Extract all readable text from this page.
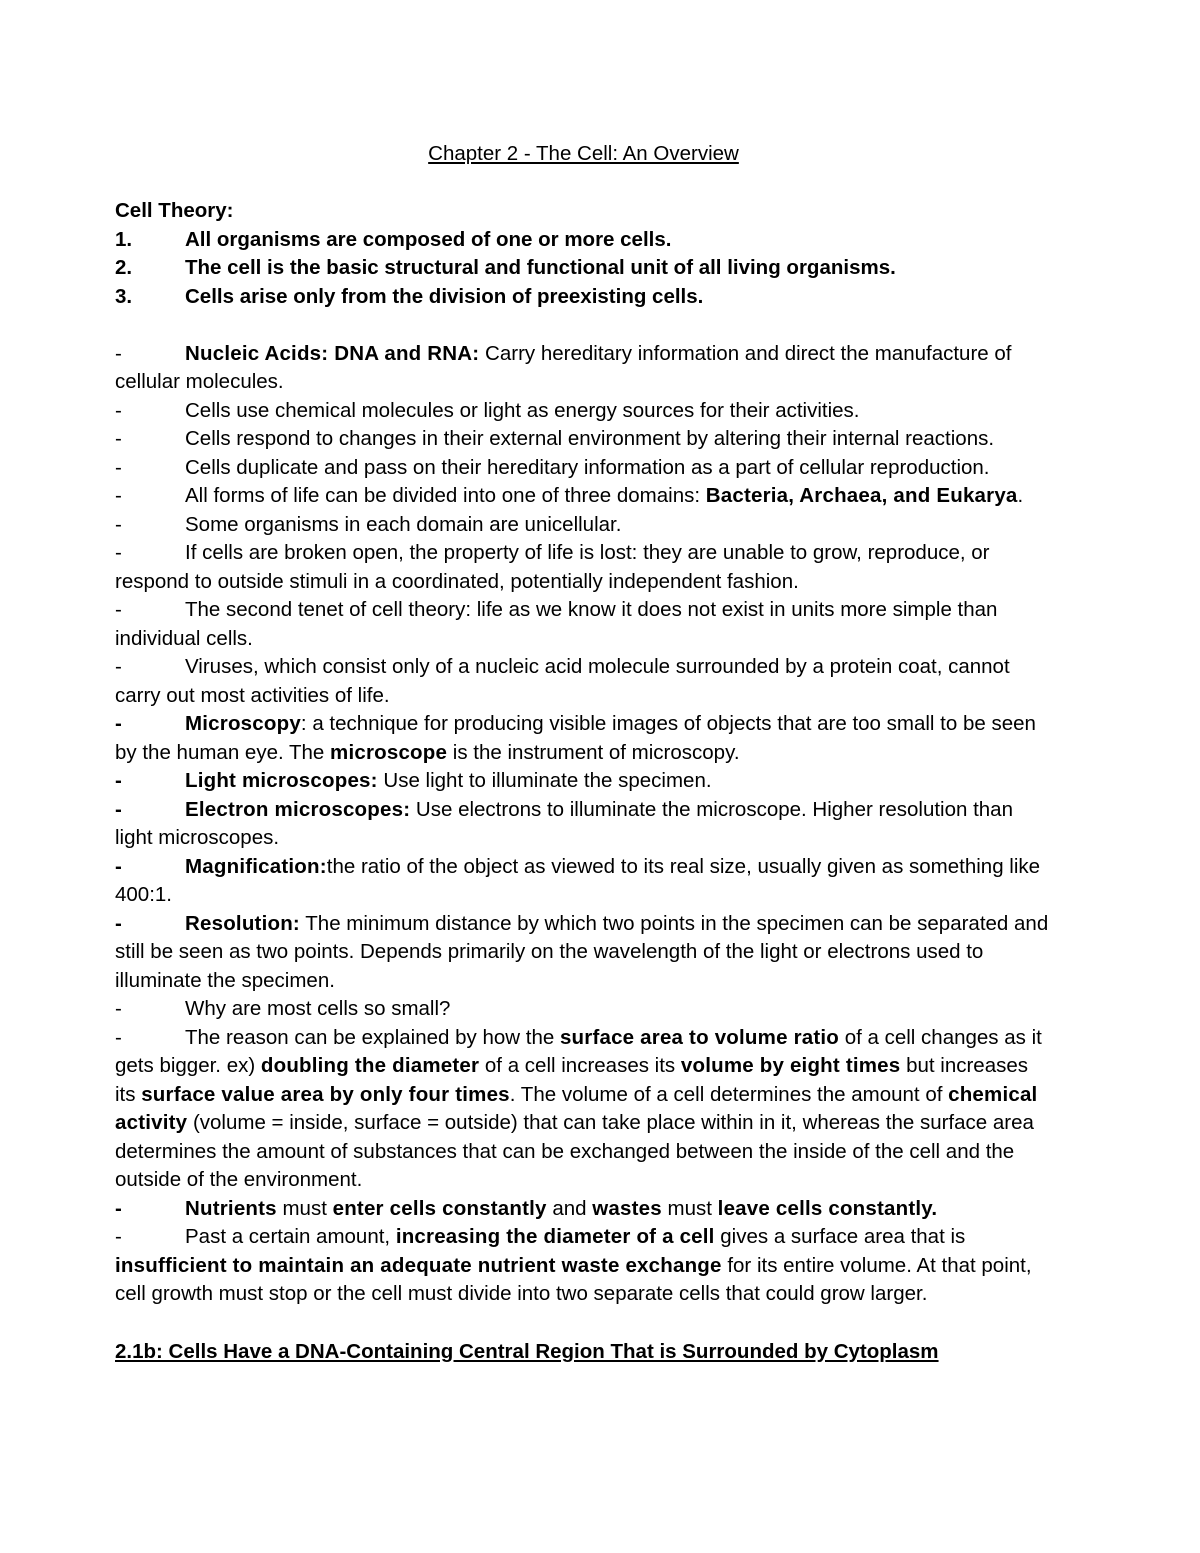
Chapter 2 - The Cell: An Overview
Cell Theory:
1.	All organisms are composed of one or more cells.
2.	The cell is the basic structural and functional unit of all living organisms.
3.	Cells arise only from the division of preexisting cells.
-	Nucleic Acids: DNA and RNA: Carry hereditary information and direct the manufacture of cellular molecules.
-	Cells use chemical molecules or light as energy sources for their activities.
-	Cells respond to changes in their external environment by altering their internal reactions.
-	Cells duplicate and pass on their hereditary information as a part of cellular reproduction.
-	All forms of life can be divided into one of three domains: Bacteria, Archaea, and Eukarya.
-	Some organisms in each domain are unicellular.
-	If cells are broken open, the property of life is lost: they are unable to grow, reproduce, or respond to outside stimuli in a coordinated, potentially independent fashion.
-	The second tenet of cell theory: life as we know it does not exist in units more simple than individual cells.
-	Viruses, which consist only of a nucleic acid molecule surrounded by a protein coat, cannot carry out most activities of life.
-	Microscopy: a technique for producing visible images of objects that are too small to be seen by the human eye. The microscope is the instrument of microscopy.
-	Light microscopes: Use light to illuminate the specimen.
-	Electron microscopes: Use electrons to illuminate the microscope. Higher resolution than light microscopes.
-	Magnification:the ratio of the object as viewed to its real size, usually given as something like 400:1.
-	Resolution: The minimum distance by which two points in the specimen can be separated and still be seen as two points. Depends primarily on the wavelength of the light or electrons used to illuminate the specimen.
-	Why are most cells so small?
-	The reason can be explained by how the surface area to volume ratio of a cell changes as it gets bigger. ex) doubling the diameter of a cell increases its volume by eight times but increases its surface value area by only four times. The volume of a cell determines the amount of chemical activity (volume = inside, surface = outside) that can take place within in it, whereas the surface area determines the amount of substances that can be exchanged between the inside of the cell and the outside of the environment.
-	Nutrients must enter cells constantly and wastes must leave cells constantly.
-	Past a certain amount, increasing the diameter of a cell gives a surface area that is insufficient to maintain an adequate nutrient waste exchange for its entire volume. At that point, cell growth must stop or the cell must divide into two separate cells that could grow larger.
2.1b: Cells Have a DNA-Containing Central Region That is Surrounded by Cytoplasm
